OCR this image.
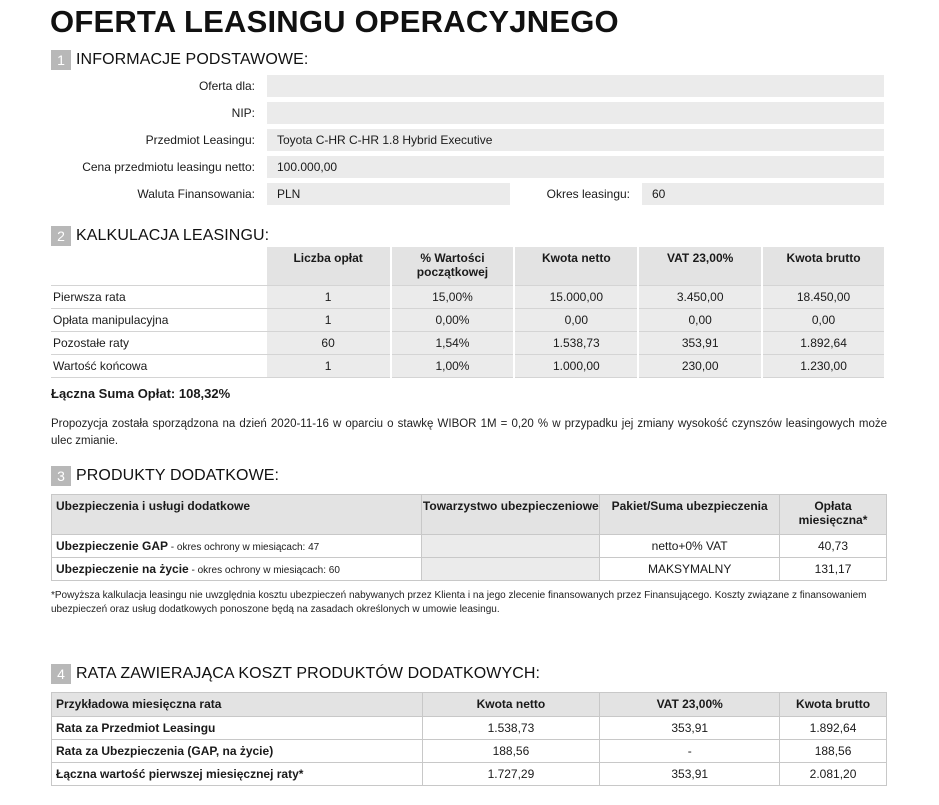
OFERTA LEASINGU OPERACYJNEGO
1 INFORMACJE PODSTAWOWE:
Oferta dla:
NIP:
Przedmiot Leasingu:	Toyota C-HR C-HR 1.8 Hybrid Executive
Cena przedmiotu leasingu netto:	100.000,00
Waluta Finansowania:	PLN	Okres leasingu:	60
2 KALKULACJA LEASINGU:
	Liczba opłat	% Wartości początkowej	Kwota netto	VAT 23,00%	Kwota brutto
Pierwsza rata	1	15,00%	15.000,00	3.450,00	18.450,00
Opłata manipulacyjna	1	0,00%	0,00	0,00	0,00
Pozostałe raty	60	1,54%	1.538,73	353,91	1.892,64
Wartość końcowa	1	1,00%	1.000,00	230,00	1.230,00
Łączna Suma Opłat: 108,32%
Propozycja została sporządzona na dzień 2020-11-16 w oparciu o stawkę WIBOR 1M = 0,20 % w przypadku jej zmiany wysokość czynszów leasingowych może ulec zmianie.
3 PRODUKTY DODATKOWE:
Ubezpieczenia i usługi dodatkowe	Towarzystwo ubezpieczeniowe	Pakiet/Suma ubezpieczenia	Opłata miesięczna*
Ubezpieczenie GAP - okres ochrony w miesiącach: 47		netto+0% VAT	40,73
Ubezpieczenie na życie - okres ochrony w miesiącach: 60		MAKSYMALNY	131,17
*Powyższa kalkulacja leasingu nie uwzględnia kosztu ubezpieczeń nabywanych przez Klienta i na jego zlecenie finansowanych przez Finansującego. Koszty związane z finansowaniem ubezpieczeń oraz usług dodatkowych ponoszone będą na zasadach określonych w umowie leasingu.
4 RATA ZAWIERAJĄCA KOSZT PRODUKTÓW DODATKOWYCH:
Przykładowa miesięczna rata	Kwota netto	VAT 23,00%	Kwota brutto
Rata za Przedmiot Leasingu	1.538,73	353,91	1.892,64
Rata za Ubezpieczenia (GAP, na życie)	188,56	-	188,56
Łączna wartość pierwszej miesięcznej raty*	1.727,29	353,91	2.081,20
